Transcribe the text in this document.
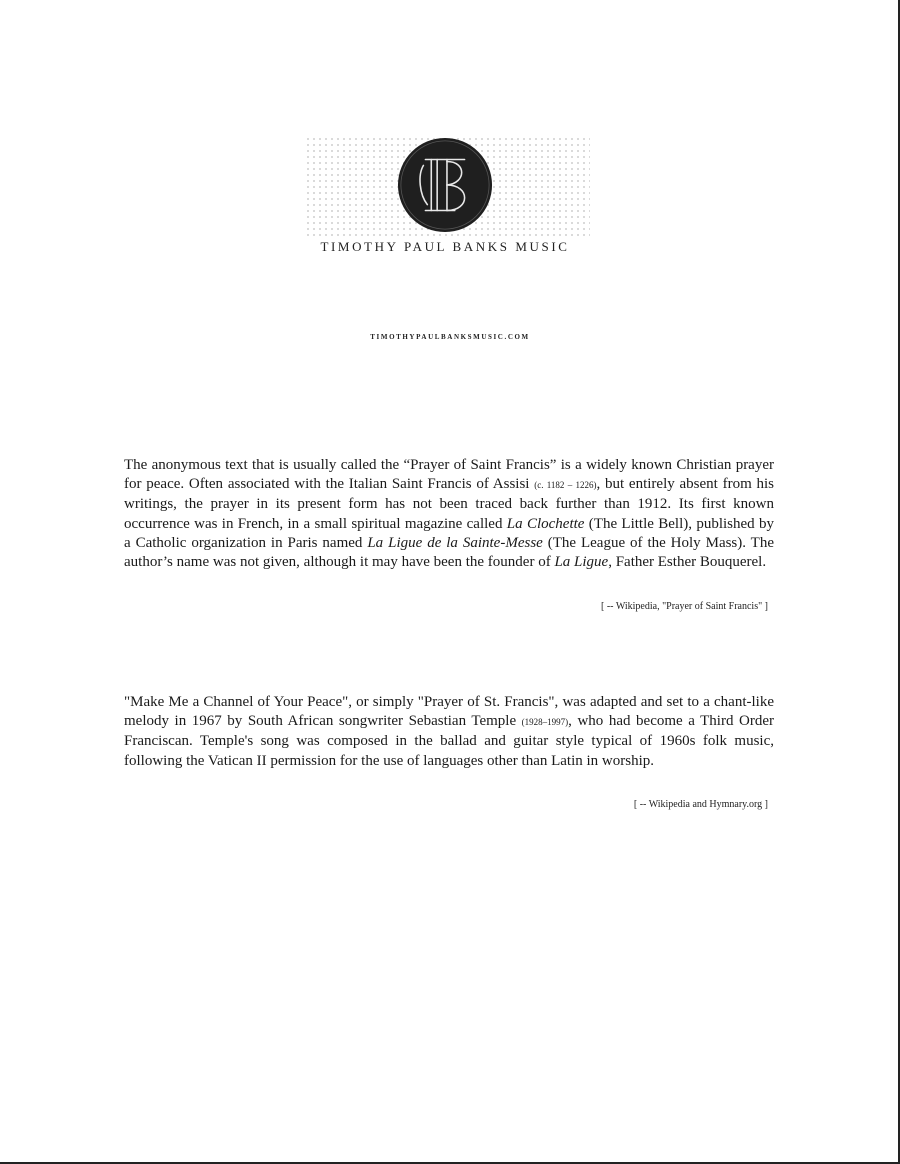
TIMOTHY PAUL BANKS MUSIC
TIMOTHYPAULBANKSMUSIC.COM
The anonymous text that is usually called the “Prayer of Saint Francis” is a widely known Christian prayer for peace. Often associated with the Italian Saint Francis of Assisi (c. 1182 – 1226), but entirely absent from his writings, the prayer in its present form has not been traced back further than 1912. Its first known occurrence was in French, in a small spiritual magazine called La Clochette (The Little Bell), published by a Catholic organization in Paris named La Ligue de la Sainte-Messe (The League of the Holy Mass). The author’s name was not given, although it may have been the founder of La Ligue, Father Esther Bouquerel.
[ -- Wikipedia, "Prayer of Saint Francis" ]
"Make Me a Channel of Your Peace", or simply "Prayer of St. Francis", was adapted and set to a chant-like melody in 1967 by South African songwriter Sebastian Temple (1928–1997), who had become a Third Order Franciscan. Temple's song was composed in the ballad and guitar style typical of 1960s folk music, following the Vatican II permission for the use of languages other than Latin in worship.
[ -- Wikipedia and Hymnary.org ]
